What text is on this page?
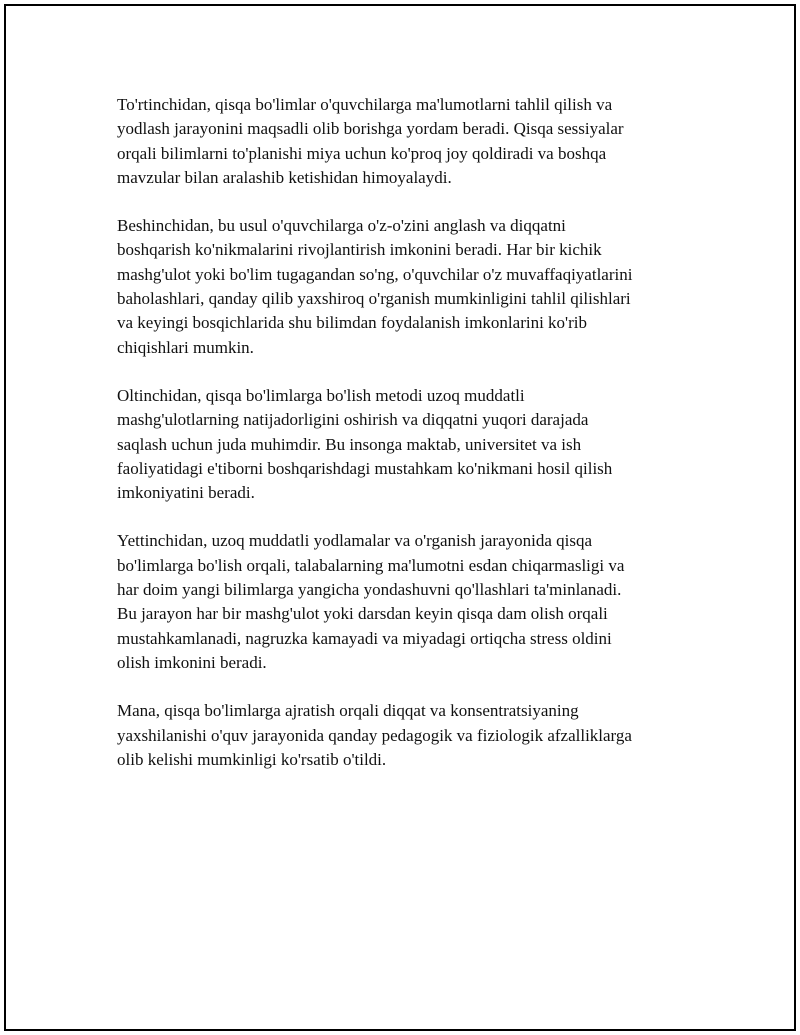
To'rtinchidan, qisqa bo'limlar o'quvchilarga ma'lumotlarni tahlil qilish va
yodlash jarayonini maqsadli olib borishga yordam beradi. Qisqa sessiyalar
orqali bilimlarni to'planishi miya uchun ko'proq joy qoldiradi va boshqa
mavzular bilan aralashib ketishidan himoyalaydi.

Beshinchidan, bu usul o'quvchilarga o'z-o'zini anglash va diqqatni
boshqarish ko'nikmalarini rivojlantirish imkonini beradi. Har bir kichik
mashg'ulot yoki bo'lim tugagandan so'ng, o'quvchilar o'z muvaffaqiyatlarini
baholashlari, qanday qilib yaxshiroq o'rganish mumkinligini tahlil qilishlari
va keyingi bosqichlarida shu bilimdan foydalanish imkonlarini ko'rib
chiqishlari mumkin.

Oltinchidan, qisqa bo'limlarga bo'lish metodi uzoq muddatli
mashg'ulotlarning natijadorligini oshirish va diqqatni yuqori darajada
saqlash uchun juda muhimdir. Bu insonga maktab, universitet va ish
faoliyatidagi e'tiborni boshqarishdagi mustahkam ko'nikmani hosil qilish
imkoniyatini beradi.

Yettinchidan, uzoq muddatli yodlamalar va o'rganish jarayonida qisqa
bo'limlarga bo'lish orqali, talabalarning ma'lumotni esdan chiqarmasligi va
har doim yangi bilimlarga yangicha yondashuvni qo'llashlari ta'minlanadi.
Bu jarayon har bir mashg'ulot yoki darsdan keyin qisqa dam olish orqali
mustahkamlanadi, nagruzka kamayadi va miyadagi ortiqcha stress oldini
olish imkonini beradi.

Mana, qisqa bo'limlarga ajratish orqali diqqat va konsentratsiyaning
yaxshilanishi o'quv jarayonida qanday pedagogik va fiziologik afzalliklarga
olib kelishi mumkinligi ko'rsatib o'tildi.
